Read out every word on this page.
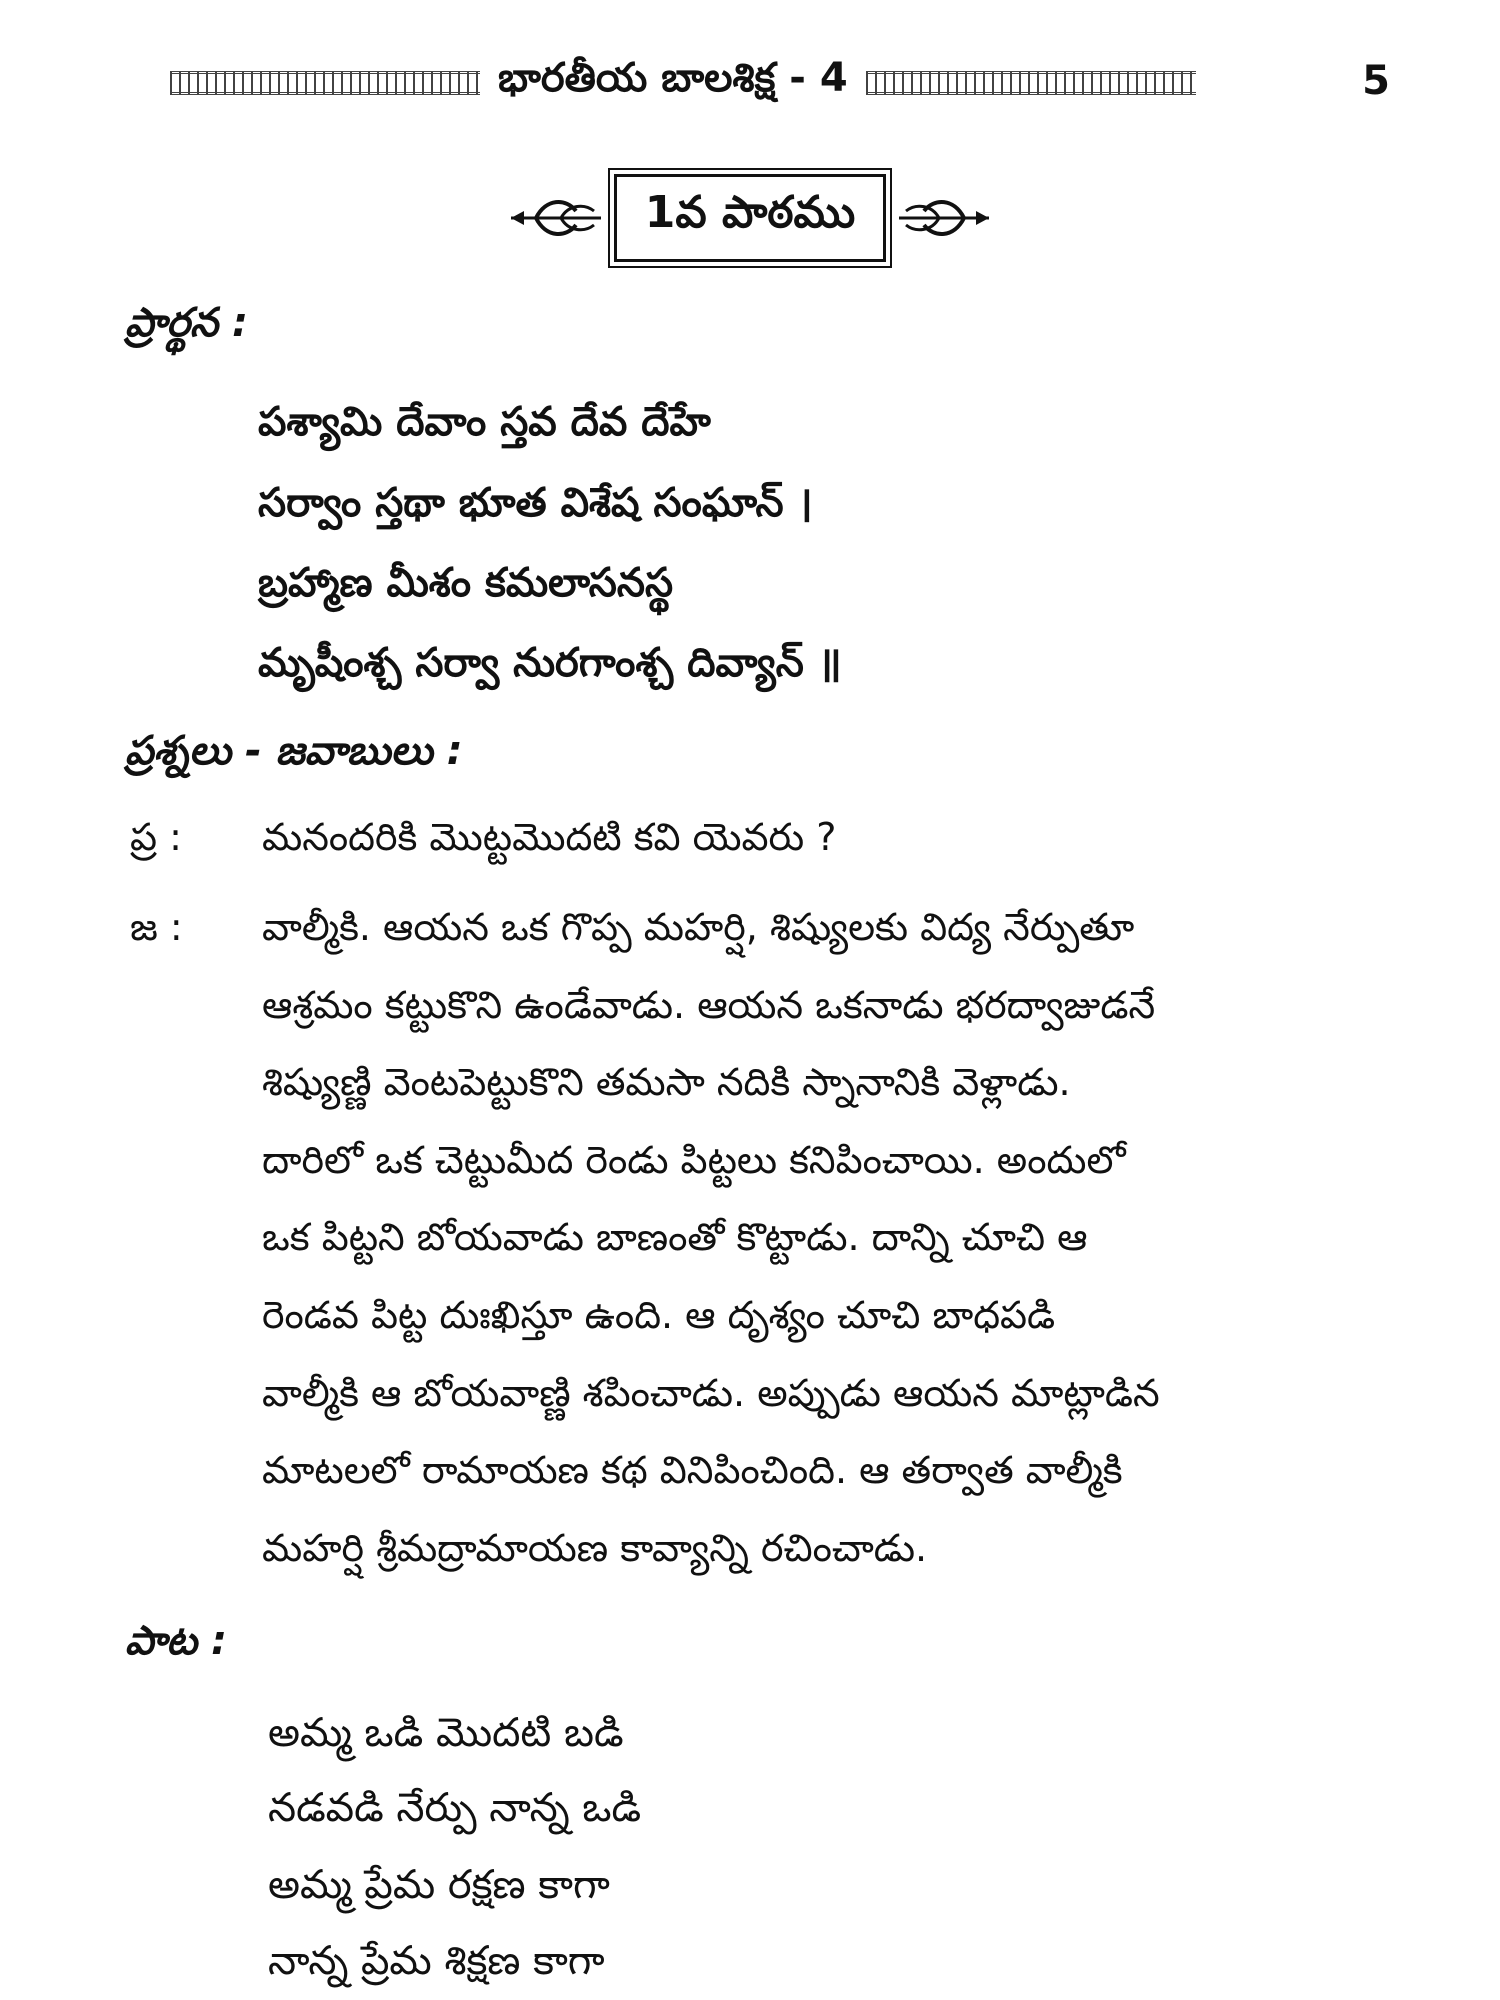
భారతీయ బాలశిక్ష - 4	5
1వ పాఠము
ప్రార్థన :
పశ్యామి దేవాం స్తవ దేవ దేహే
సర్వాం స్తథా భూత విశేష సంఘాన్ ।
బ్రహ్మాణ మీశం కమలాసనస్థ
మృషీంశ్చ సర్వా నురగాంశ్చ దివ్యాన్ ॥
ప్రశ్నలు - జవాబులు :
ప్ర : మనందరికి మొట్టమొదటి కవి యెవరు ?
జ : వాల్మీకి. ఆయన ఒక గొప్ప మహర్షి, శిష్యులకు విద్య నేర్పుతూ
ఆశ్రమం కట్టుకొని ఉండేవాడు. ఆయన ఒకనాడు భరద్వాజుడనే
శిష్యుణ్ణి వెంటపెట్టుకొని తమసా నదికి స్నానానికి వెళ్లాడు.
దారిలో ఒక చెట్టుమీద రెండు పిట్టలు కనిపించాయి. అందులో
ఒక పిట్టని బోయవాడు బాణంతో కొట్టాడు. దాన్ని చూచి ఆ
రెండవ పిట్ట దుఃఖిస్తూ ఉంది. ఆ దృశ్యం చూచి బాధపడి
వాల్మీకి ఆ బోయవాణ్ణి శపించాడు. అప్పుడు ఆయన మాట్లాడిన
మాటలలో రామాయణ కథ వినిపించింది. ఆ తర్వాత వాల్మీకి
మహర్షి శ్రీమద్రామాయణ కావ్యాన్ని రచించాడు.
పాట :
అమ్మ ఒడి మొదటి బడి
నడవడి నేర్పు నాన్న ఒడి
అమ్మ ప్రేమ రక్షణ కాగా
నాన్న ప్రేమ శిక్షణ కాగా
